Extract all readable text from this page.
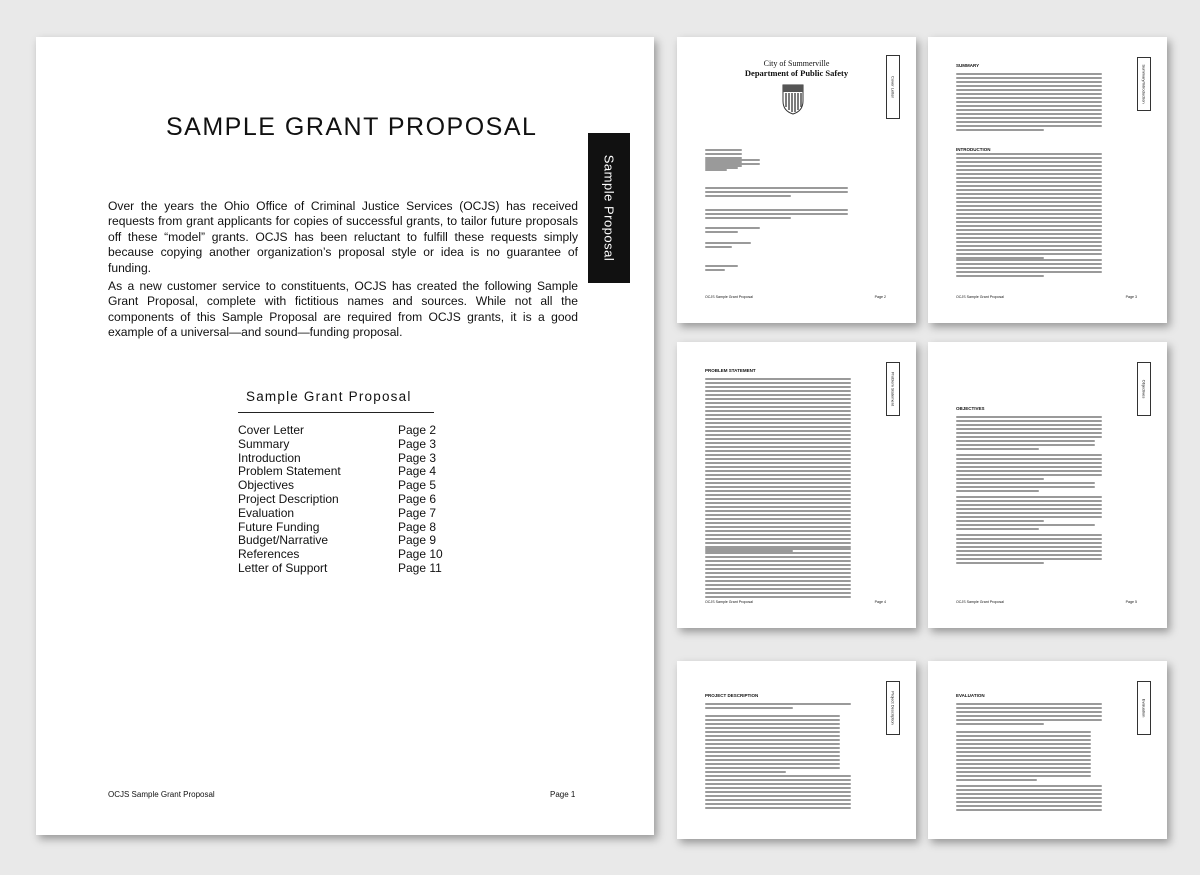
SAMPLE GRANT PROPOSAL
Sample Proposal

Over the years the Ohio Office of Criminal Justice Services (OCJS) has received requests from grant applicants for copies of successful grants, to tailor future proposals off these “model” grants. OCJS has been reluctant to fulfill these requests simply because copying another organization’s proposal style or idea is no guarantee of funding.

As a new customer service to constituents, OCJS has created the following Sample Grant Proposal, complete with fictitious names and sources. While not all the components of this Sample Proposal are required from OCJS grants, it is a good example of a universal—and sound—funding proposal.

Sample Grant Proposal
Cover Letter	Page 2
Summary	Page 3
Introduction	Page 3
Problem Statement	Page 4
Objectives	Page 5
Project Description	Page 6
Evaluation	Page 7
Future Funding	Page 8
Budget/Narrative	Page 9
References	Page 10
Letter of Support	Page 11
OCJS Sample Grant Proposal	Page 1
City of Summerville
Department of Public Safety
Cover Letter
OCJS Sample Grant Proposal	Page 2
Summary/Introduction
SUMMARY
INTRODUCTION
OCJS Sample Grant Proposal	Page 3
Problem Statement
PROBLEM STATEMENT
OCJS Sample Grant Proposal	Page 4
Objectives
OBJECTIVES
OCJS Sample Grant Proposal	Page 5
Project Description
PROJECT DESCRIPTION
Evaluation
EVALUATION
